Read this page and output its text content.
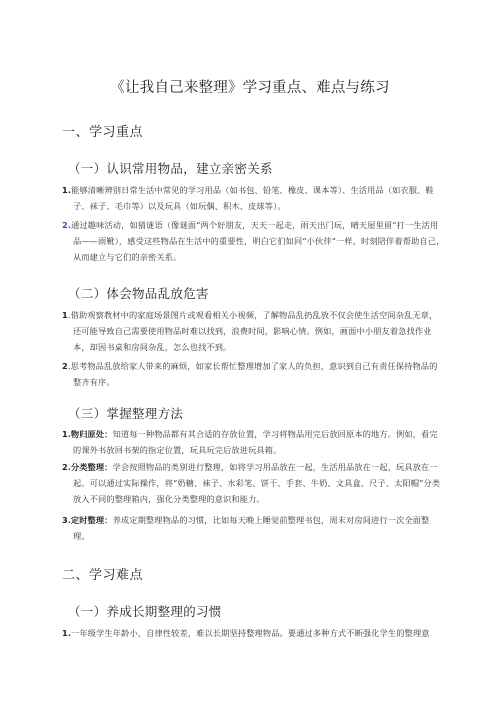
《让我自己来整理》学习重点、难点与练习
一、学习重点
（一）认识常用物品，建立亲密关系
1.能够清晰辨别日常生活中常见的学习用品（如书包、铅笔、橡皮、课本等）、生活用品（如衣服、鞋子、袜子、毛巾等）以及玩具（如玩偶、积木、皮球等）。
2.通过趣味活动，如猜谜语（像谜面“两个好朋友，天天一起走，雨天出门玩，晴天屋里留”打一生活用品——雨靴），感受这些物品在生活中的重要性，明白它们如同“小伙伴”一样，时刻陪伴着帮助自己，从而建立与它们的亲密关系。
（二）体会物品乱放危害
1.借助观察教材中的家庭场景图片或观看相关小视频，了解物品乱扔乱放不仅会使生活空间杂乱无章，还可能导致自己需要使用物品时难以找到，浪费时间，影响心情。例如，画面中小朋友着急找作业本，却因书桌和房间杂乱，怎么也找不到。
2.思考物品乱放给家人带来的麻烦，如家长帮忙整理增加了家人的负担，意识到自己有责任保持物品的整齐有序。
（三）掌握整理方法
1.物归原处：知道每一种物品都有其合适的存放位置，学习将物品用完后放回原本的地方。例如，看完的课外书放回书架的指定位置，玩具玩完后放进玩具箱。
2.分类整理：学会按照物品的类别进行整理，如将学习用品放在一起，生活用品放在一起，玩具放在一起。可以通过实际操作，将“奶糖、袜子、水彩笔、饼干、手套、牛奶、文具盒、尺子、太阳帽”分类放入不同的整理箱内，强化分类整理的意识和能力。
3.定时整理：养成定期整理物品的习惯，比如每天晚上睡觉前整理书包，周末对房间进行一次全面整理。
二、学习难点
（一）养成长期整理的习惯
1.一年级学生年龄小，自律性较差，难以长期坚持整理物品。要通过多种方式不断强化学生的整理意
